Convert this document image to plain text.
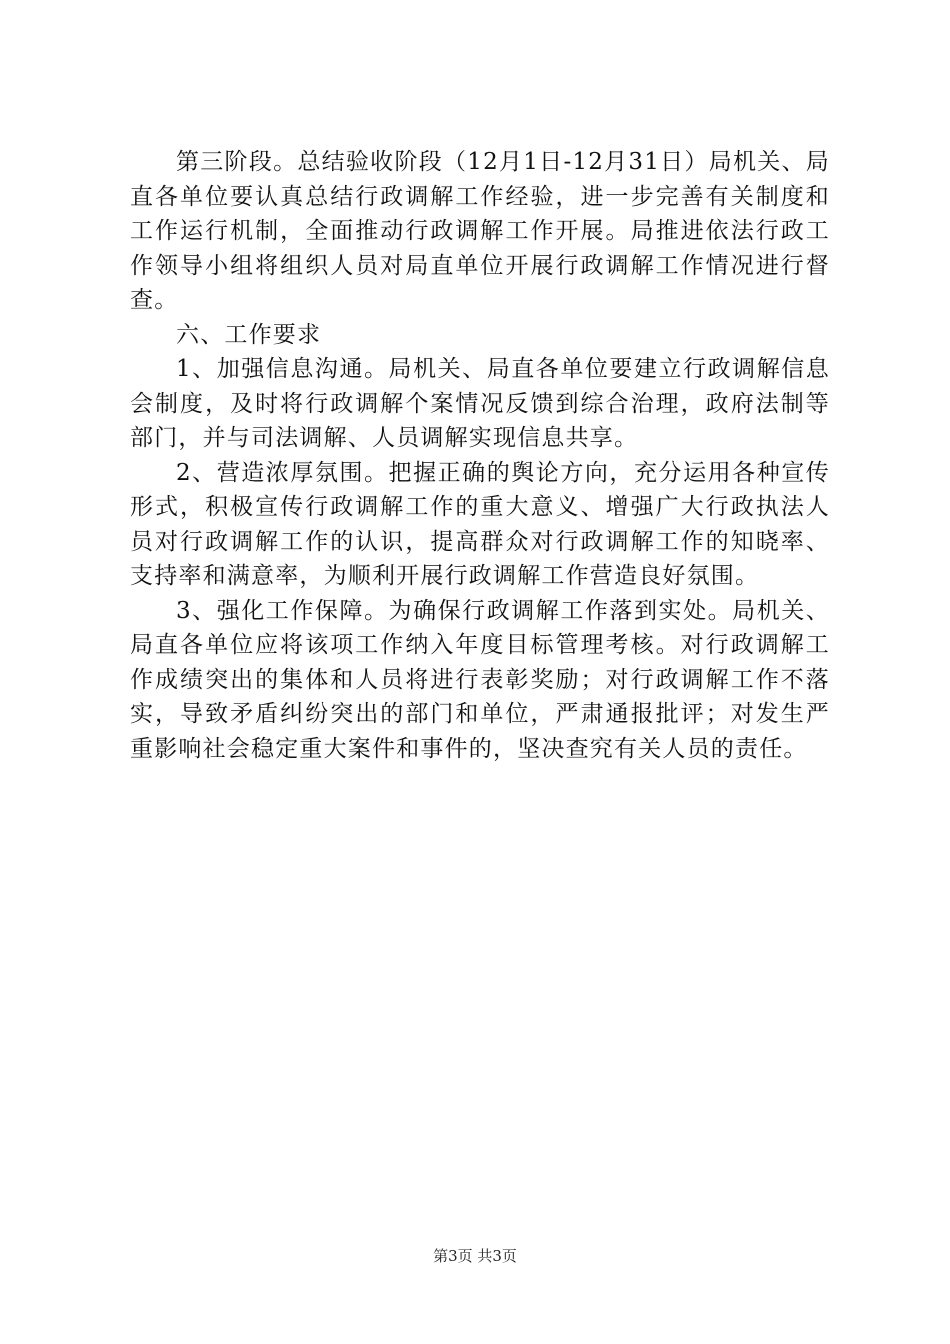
第三阶段。总结验收阶段（12月1日-12月31日）局机关、局直各单位要认真总结行政调解工作经验，进一步完善有关制度和工作运行机制，全面推动行政调解工作开展。局推进依法行政工作领导小组将组织人员对局直单位开展行政调解工作情况进行督查。

六、工作要求

1、加强信息沟通。局机关、局直各单位要建立行政调解信息会制度，及时将行政调解个案情况反馈到综合治理，政府法制等部门，并与司法调解、人员调解实现信息共享。

2、营造浓厚氛围。把握正确的舆论方向，充分运用各种宣传形式，积极宣传行政调解工作的重大意义、增强广大行政执法人员对行政调解工作的认识，提高群众对行政调解工作的知晓率、支持率和满意率，为顺利开展行政调解工作营造良好氛围。

3、强化工作保障。为确保行政调解工作落到实处。局机关、局直各单位应将该项工作纳入年度目标管理考核。对行政调解工作成绩突出的集体和人员将进行表彰奖励；对行政调解工作不落实，导致矛盾纠纷突出的部门和单位，严肃通报批评；对发生严重影响社会稳定重大案件和事件的，坚决查究有关人员的责任。

第3页 共3页
